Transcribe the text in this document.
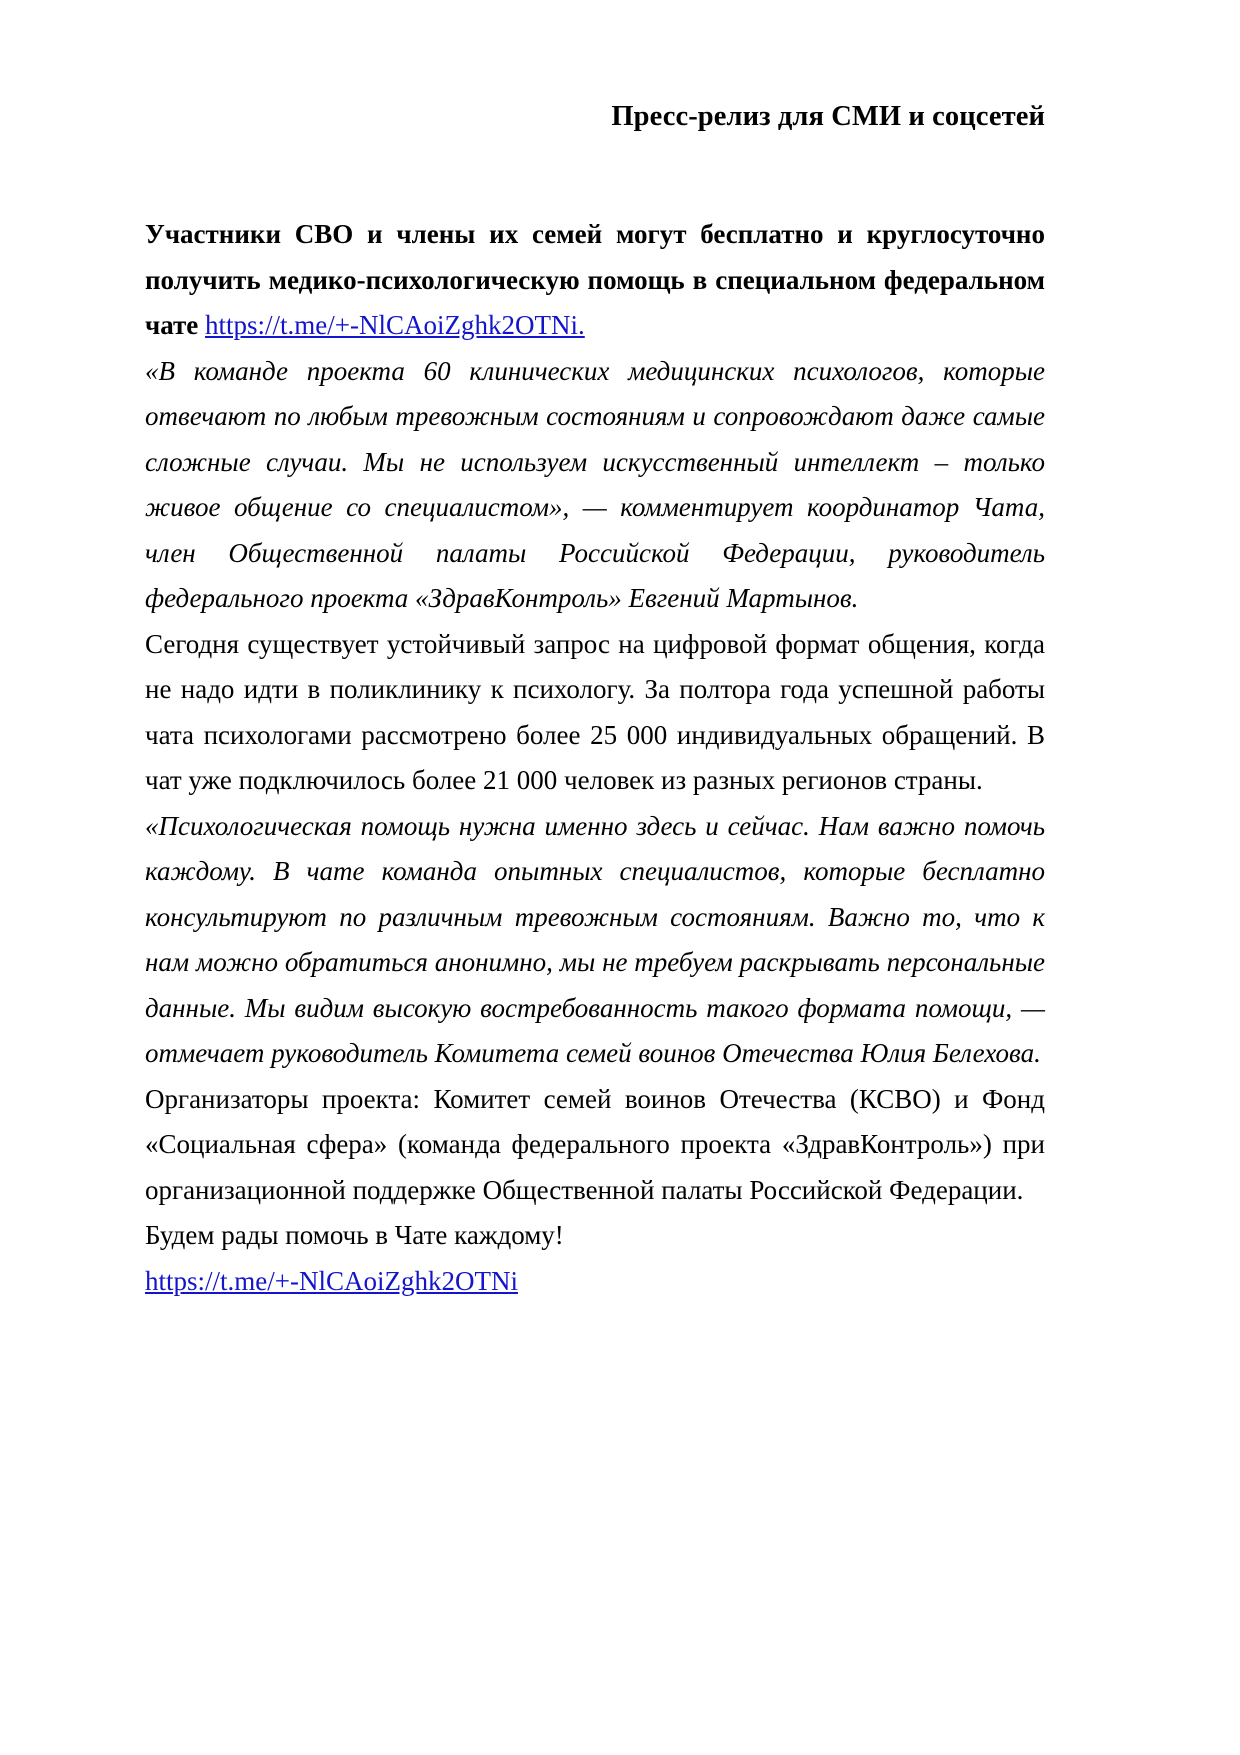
Пресс-релиз для СМИ и соцсетей

Участники СВО и члены их семей могут бесплатно и круглосуточно получить медико-психологическую помощь в специальном федеральном чате https://t.me/+-NlCAoiZghk2OTNi.

«В команде проекта 60 клинических медицинских психологов, которые отвечают по любым тревожным состояниям и сопровождают даже самые сложные случаи. Мы не используем искусственный интеллект – только живое общение со специалистом», — комментирует координатор Чата, член Общественной палаты Российской Федерации, руководитель федерального проекта «ЗдравКонтроль» Евгений Мартынов.

Сегодня существует устойчивый запрос на цифровой формат общения, когда не надо идти в поликлинику к психологу. За полтора года успешной работы чата психологами рассмотрено более 25 000 индивидуальных обращений. В чат уже подключилось более 21 000 человек из разных регионов страны.

«Психологическая помощь нужна именно здесь и сейчас. Нам важно помочь каждому. В чате команда опытных специалистов, которые бесплатно консультируют по различным тревожным состояниям. Важно то, что к нам можно обратиться анонимно, мы не требуем раскрывать персональные данные. Мы видим высокую востребованность такого формата помощи, — отмечает руководитель Комитета семей воинов Отечества Юлия Белехова.

Организаторы проекта: Комитет семей воинов Отечества (КСВО) и Фонд «Социальная сфера» (команда федерального проекта «ЗдравКонтроль») при организационной поддержке Общественной палаты Российской Федерации.

Будем рады помочь в Чате каждому!

https://t.me/+-NlCAoiZghk2OTNi
